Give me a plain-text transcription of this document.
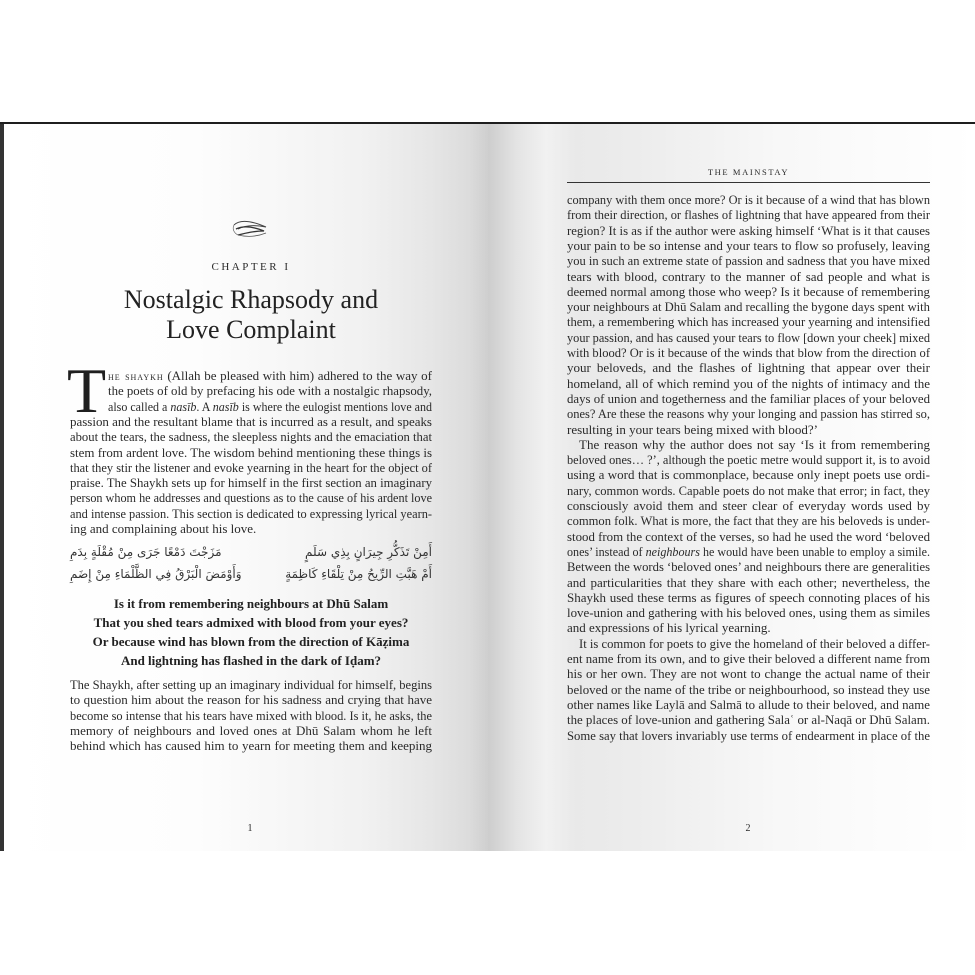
CHAPTER I
Nostalgic Rhapsody and
Love Complaint
T he shaykh (Allah be pleased with him) adhered to the way of
the poets of old by prefacing his ode with a nostalgic rhapsody,
also called a nasīb. A nasīb is where the eulogist mentions love and
passion and the resultant blame that is incurred as a result, and speaks
about the tears, the sadness, the sleepless nights and the emaciation that
stem from ardent love. The wisdom behind mentioning these things is
that they stir the listener and evoke yearning in the heart for the object of
praise. The Shaykh sets up for himself in the first section an imaginary
person whom he addresses and questions as to the cause of his ardent love
and intense passion. This section is dedicated to expressing lyrical yearn-
ing and complaining about his love.
أَمِنْ تَذَكُّرِ جِيرَانٍ بِذِي سَلَمٍ
مَزَجْتَ دَمْعًا جَرَى مِنْ مُقْلَةٍ بِدَمِ
أَمْ هَبَّتِ الرِّيحُ مِنْ تِلْقَاءِ كَاظِمَةٍ
وَأَوْمَضَ الْبَرْقُ فِي الظَّلْمَاءِ مِنْ إِضَمِ
Is it from remembering neighbours at Dhū Salam
That you shed tears admixed with blood from your eyes?
Or because wind has blown from the direction of Kāẓima
And lightning has flashed in the dark of Iḍam?
The Shaykh, after setting up an imaginary individual for himself, begins
to question him about the reason for his sadness and crying that have
become so intense that his tears have mixed with blood. Is it, he asks, the
memory of neighbours and loved ones at Dhū Salam whom he left
behind which has caused him to yearn for meeting them and keeping
1
THE MAINSTAY
company with them once more? Or is it because of a wind that has blown
from their direction, or flashes of lightning that have appeared from their
region? It is as if the author were asking himself ‘What is it that causes
your pain to be so intense and your tears to flow so profusely, leaving
you in such an extreme state of passion and sadness that you have mixed
tears with blood, contrary to the manner of sad people and what is
deemed normal among those who weep? Is it because of remembering
your neighbours at Dhū Salam and recalling the bygone days spent with
them, a remembering which has increased your yearning and intensified
your passion, and has caused your tears to flow [down your cheek] mixed
with blood? Or is it because of the winds that blow from the direction of
your beloveds, and the flashes of lightning that appear over their
homeland, all of which remind you of the nights of intimacy and the
days of union and togetherness and the familiar places of your beloved
ones? Are these the reasons why your longing and passion has stirred so,
resulting in your tears being mixed with blood?’
The reason why the author does not say ‘Is it from remembering
beloved ones… ?’, although the poetic metre would support it, is to avoid
using a word that is commonplace, because only inept poets use ordi-
nary, common words. Capable poets do not make that error; in fact, they
consciously avoid them and steer clear of everyday words used by
common folk. What is more, the fact that they are his beloveds is under-
stood from the context of the verses, so had he used the word ‘beloved
ones’ instead of neighbours he would have been unable to employ a simile.
Between the words ‘beloved ones’ and neighbours there are generalities
and particularities that they share with each other; nevertheless, the
Shaykh used these terms as figures of speech connoting places of his
love-union and gathering with his beloved ones, using them as similes
and expressions of his lyrical yearning.
It is common for poets to give the homeland of their beloved a differ-
ent name from its own, and to give their beloved a different name from
his or her own. They are not wont to change the actual name of their
beloved or the name of the tribe or neighbourhood, so instead they use
other names like Laylā and Salmā to allude to their beloved, and name
the places of love-union and gathering Salaʿ or al-Naqā or Dhū Salam.
Some say that lovers invariably use terms of endearment in place of the
2
